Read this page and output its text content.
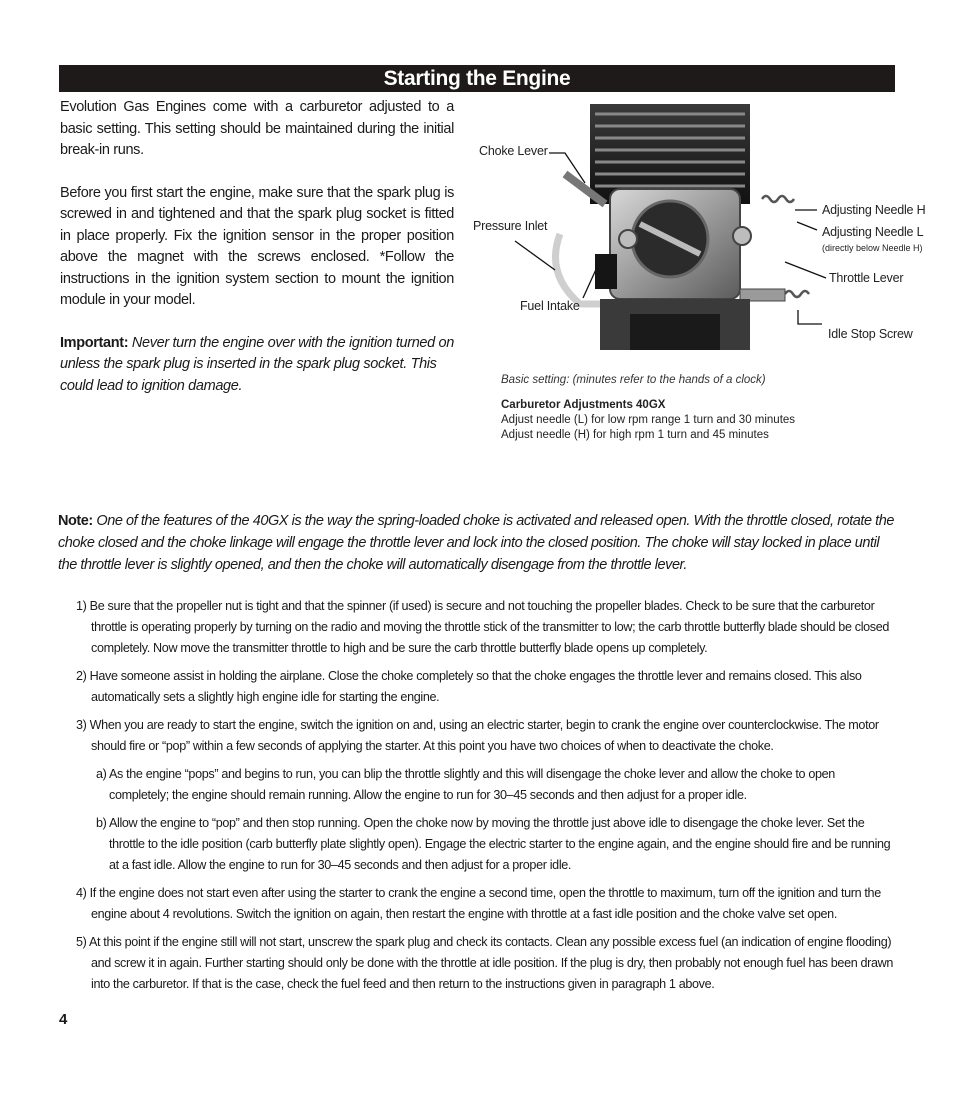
Starting the Engine

Evolution Gas Engines come with a carburetor adjusted to a basic setting. This setting should be maintained during the initial break-in runs.

Before you first start the engine, make sure that the spark plug is screwed in and tightened and that the spark plug socket is fitted in place properly. Fix the ignition sensor in the proper position above the magnet with the screws enclosed. *Follow the instructions in the ignition system section to mount the ignition module in your model.

Important: Never turn the engine over with the ignition turned on unless the spark plug is inserted in the spark plug socket. This could lead to ignition damage.

Choke Lever
Pressure Inlet
Fuel Intake
Adjusting Needle H
Adjusting Needle L
(directly below Needle H)
Throttle Lever
Idle Stop Screw
Basic setting: (minutes refer to the hands of a clock)
Carburetor Adjustments 40GX
Adjust needle (L) for low rpm range 1 turn and 30 minutes
Adjust needle (H) for high rpm 1 turn and 45 minutes
Note: One of the features of the 40GX is the way the spring-loaded choke is activated and released open. With the throttle closed, rotate the choke closed and the choke linkage will engage the throttle lever and lock into the closed position. The choke will stay locked in place until the throttle lever is slightly opened, and then the choke will automatically disengage from the throttle lever.
1) Be sure that the propeller nut is tight and that the spinner (if used) is secure and not touching the propeller blades. Check to be sure that the carburetor throttle is operating properly by turning on the radio and moving the throttle stick of the transmitter to low; the carb throttle butterfly blade should be closed completely. Now move the transmitter throttle to high and be sure the carb throttle butterfly blade opens up completely.
2) Have someone assist in holding the airplane. Close the choke completely so that the choke engages the throttle lever and remains closed. This also automatically sets a slightly high engine idle for starting the engine.
3) When you are ready to start the engine, switch the ignition on and, using an electric starter, begin to crank the engine over counterclockwise. The motor should fire or “pop” within a few seconds of applying the starter. At this point you have two choices of when to deactivate the choke.
a) As the engine “pops” and begins to run, you can blip the throttle slightly and this will disengage the choke lever and allow the choke to open completely; the engine should remain running. Allow the engine to run for 30–45 seconds and then adjust for a proper idle.
b) Allow the engine to “pop” and then stop running. Open the choke now by moving the throttle just above idle to disengage the choke lever. Set the throttle to the idle position (carb butterfly plate slightly open). Engage the electric starter to the engine again, and the engine should fire and be running at a fast idle. Allow the engine to run for 30–45 seconds and then adjust for a proper idle.
4) If the engine does not start even after using the starter to crank the engine a second time, open the throttle to maximum, turn off the ignition and turn the engine about 4 revolutions. Switch the ignition on again, then restart the engine with throttle at a fast idle position and the choke valve set open.
5) At this point if the engine still will not start, unscrew the spark plug and check its contacts. Clean any possible excess fuel (an indication of engine flooding) and screw it in again. Further starting should only be done with the throttle at idle position. If the plug is dry, then probably not enough fuel has been drawn into the carburetor. If that is the case, check the fuel feed and then return to the instructions given in paragraph 1 above.
4
